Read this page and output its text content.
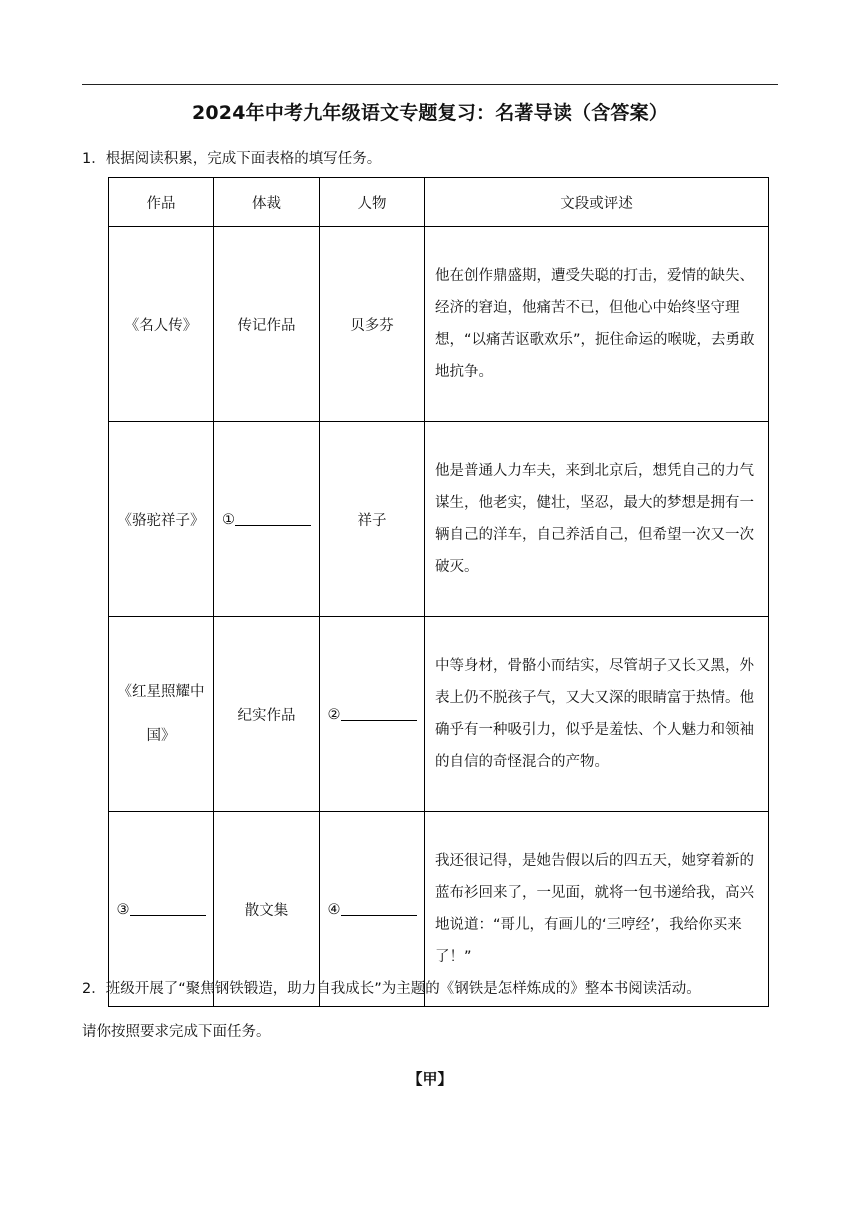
2024年中考九年级语文专题复习：名著导读（含答案）
1．根据阅读积累，完成下面表格的填写任务。
作品	体裁	人物	文段或评述
《名人传》	传记作品	贝多芬	他在创作鼎盛期，遭受失聪的打击，爱情的缺失、经济的窘迫，他痛苦不已，但他心中始终坚守理想，“以痛苦讴歌欢乐”，扼住命运的喉咙，去勇敢地抗争。
《骆驼祥子》	①	祥子	他是普通人力车夫，来到北京后，想凭自己的力气谋生，他老实，健壮，坚忍，最大的梦想是拥有一辆自己的洋车，自己养活自己，但希望一次又一次破灭。
《红星照耀中国》	纪实作品	②	中等身材，骨骼小而结实，尽管胡子又长又黑，外表上仍不脱孩子气，又大又深的眼睛富于热情。他确乎有一种吸引力，似乎是羞怯、个人魅力和领袖的自信的奇怪混合的产物。
③	散文集	④	我还很记得，是她告假以后的四五天，她穿着新的蓝布衫回来了，一见面，就将一包书递给我，高兴地说道：“哥儿，有画儿的‘三哼经’，我给你买来了！”
2．班级开展了“聚焦钢铁锻造，助力自我成长”为主题的《钢铁是怎样炼成的》整本书阅读活动。
请你按照要求完成下面任务。
【甲】
